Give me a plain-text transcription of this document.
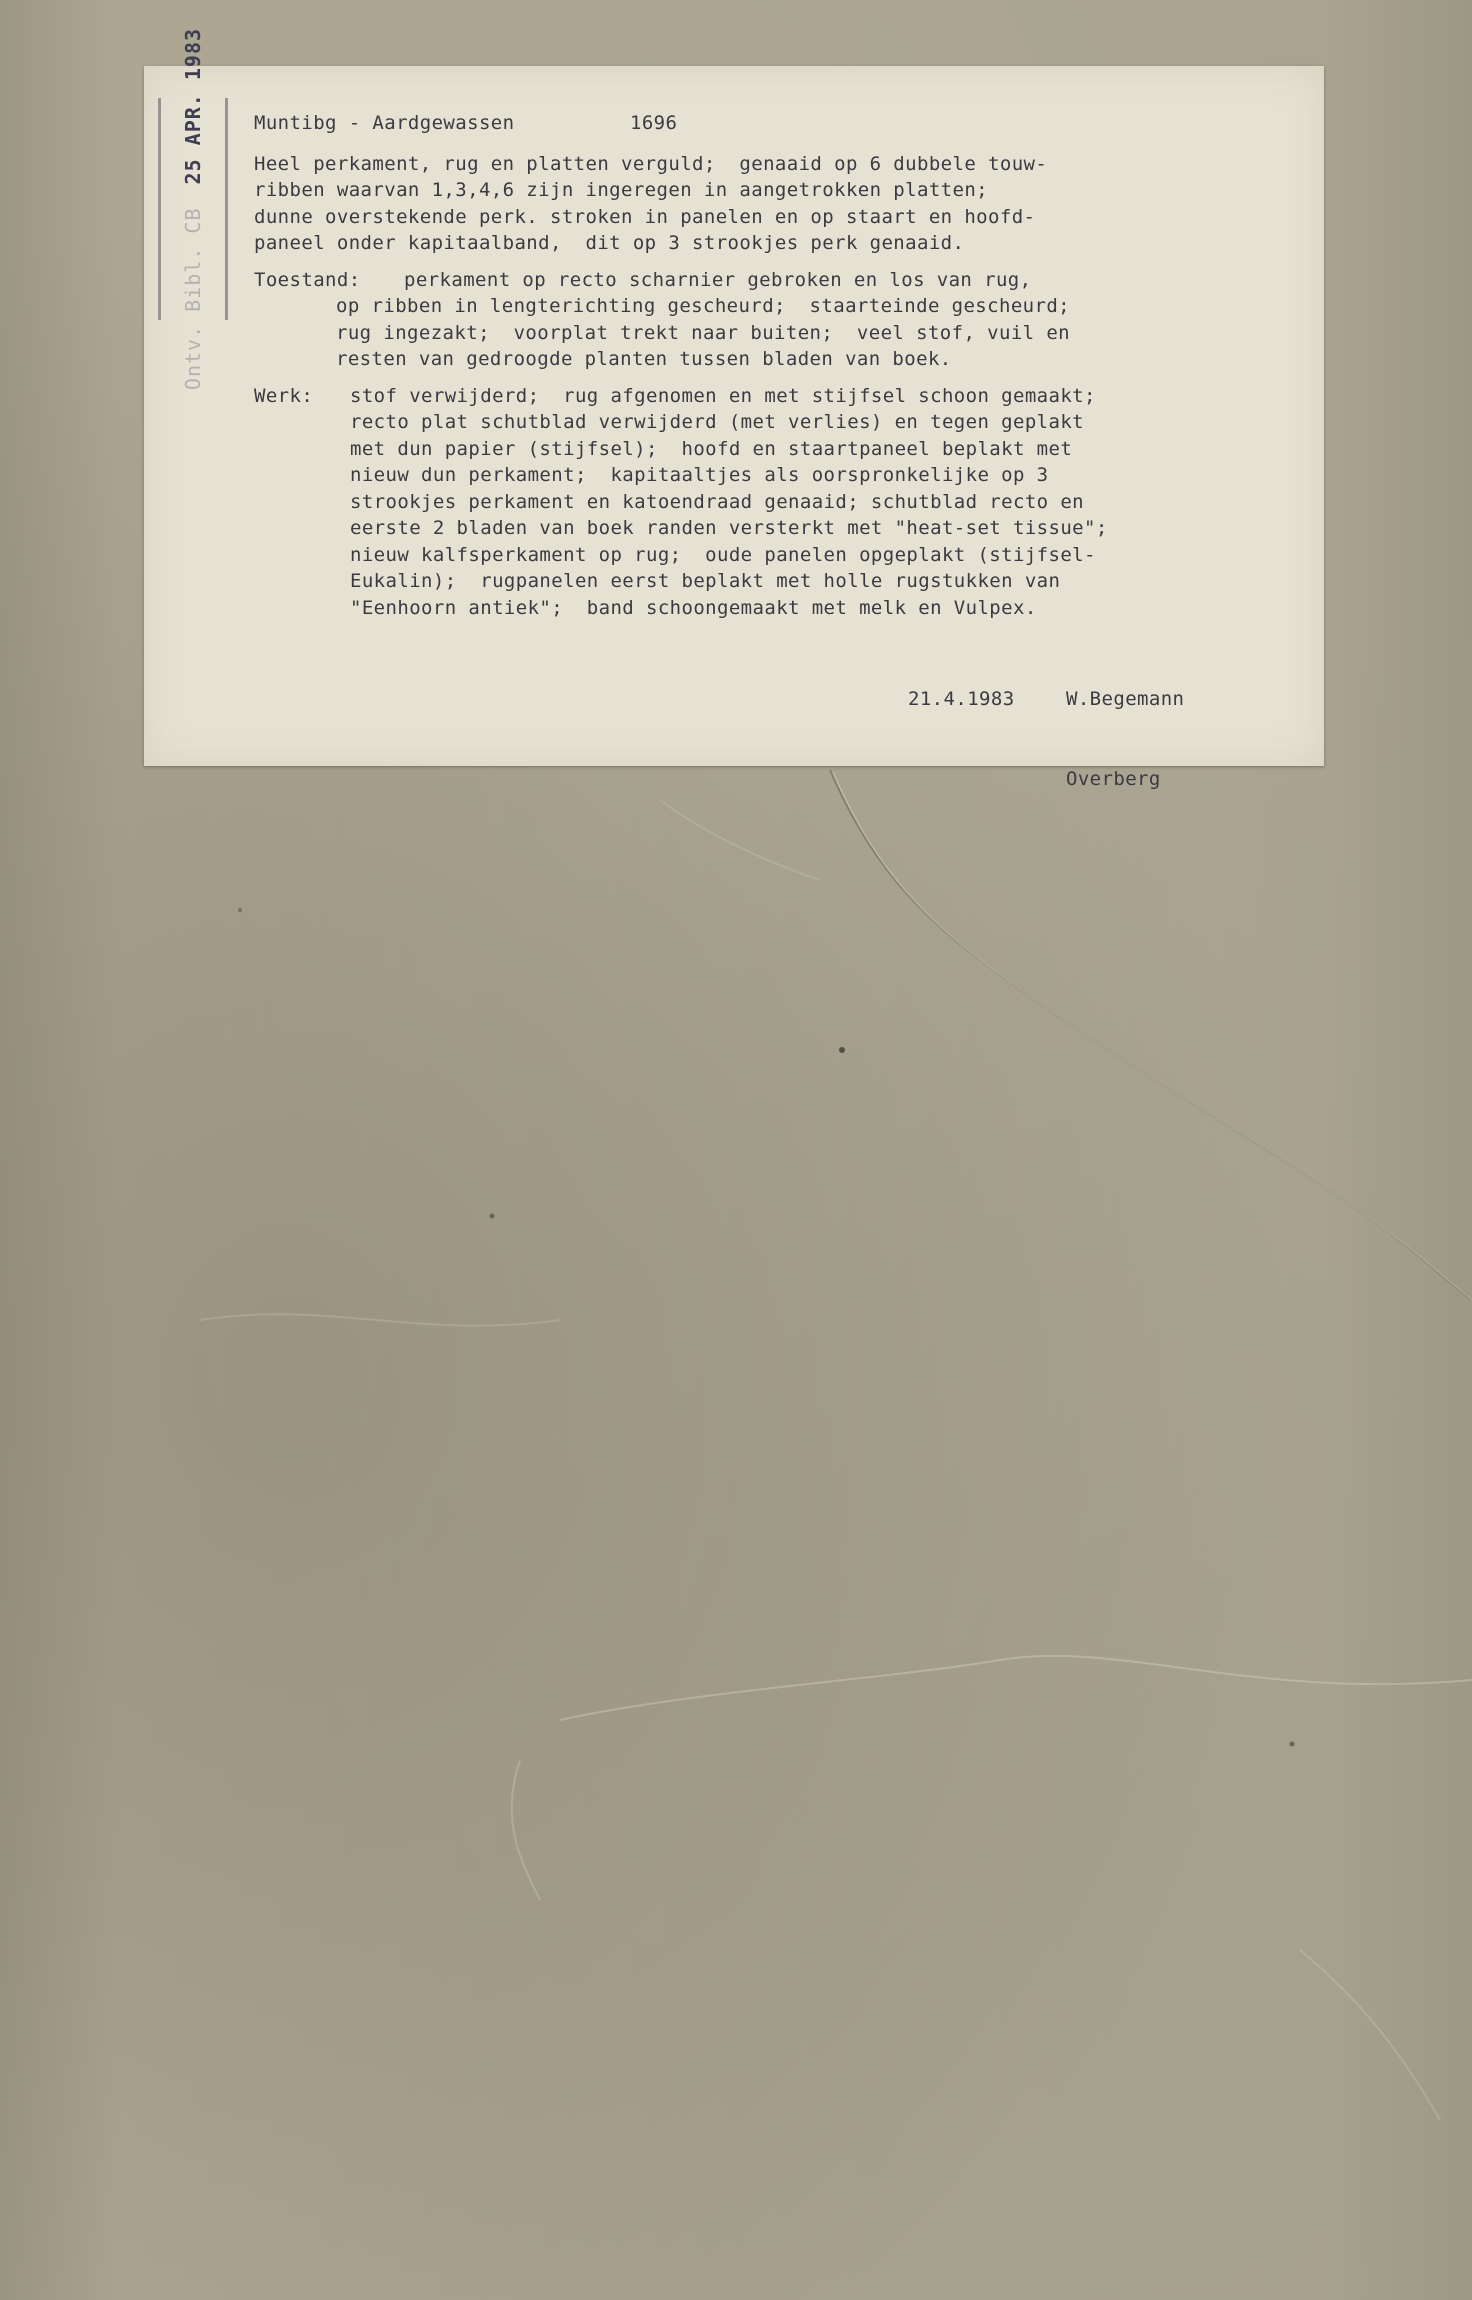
Ontv. Bibl. CB 25 APR. 1983	Muntibg - Aardgewassen	1696

Heel perkament, rug en platten verguld;  genaaid op 6 dubbele touw-

ribben waarvan 1,3,4,6 zijn ingeregen in aangetrokken platten;

dunne overstekende perk. stroken in panelen en op staart en hoofd-

paneel onder kapitaalband,  dit op 3 strookjes perk genaaid.

Toestand:	perkament op recto scharnier gebroken en los van rug,

op ribben in lengterichting gescheurd;  staarteinde gescheurd;

rug ingezakt;  voorplat trekt naar buiten;  veel stof, vuil en

resten van gedroogde planten tussen bladen van boek.

Werk:	stof verwijderd;  rug afgenomen en met stijfsel schoon gemaakt;

recto plat schutblad verwijderd (met verlies) en tegen geplakt

met dun papier (stijfsel);  hoofd en staartpaneel beplakt met

nieuw dun perkament;  kapitaaltjes als oorspronkelijke op 3

strookjes perkament en katoendraad genaaid; schutblad recto en

eerste 2 bladen van boek randen versterkt met "heat-set tissue";

nieuw kalfsperkament op rug;  oude panelen opgeplakt (stijfsel-

Eukalin);  rugpanelen eerst beplakt met holle rugstukken van

"Eenhoorn antiek";  band schoongemaakt met melk en Vulpex.

21.4.1983	W.Begemann

Overberg
